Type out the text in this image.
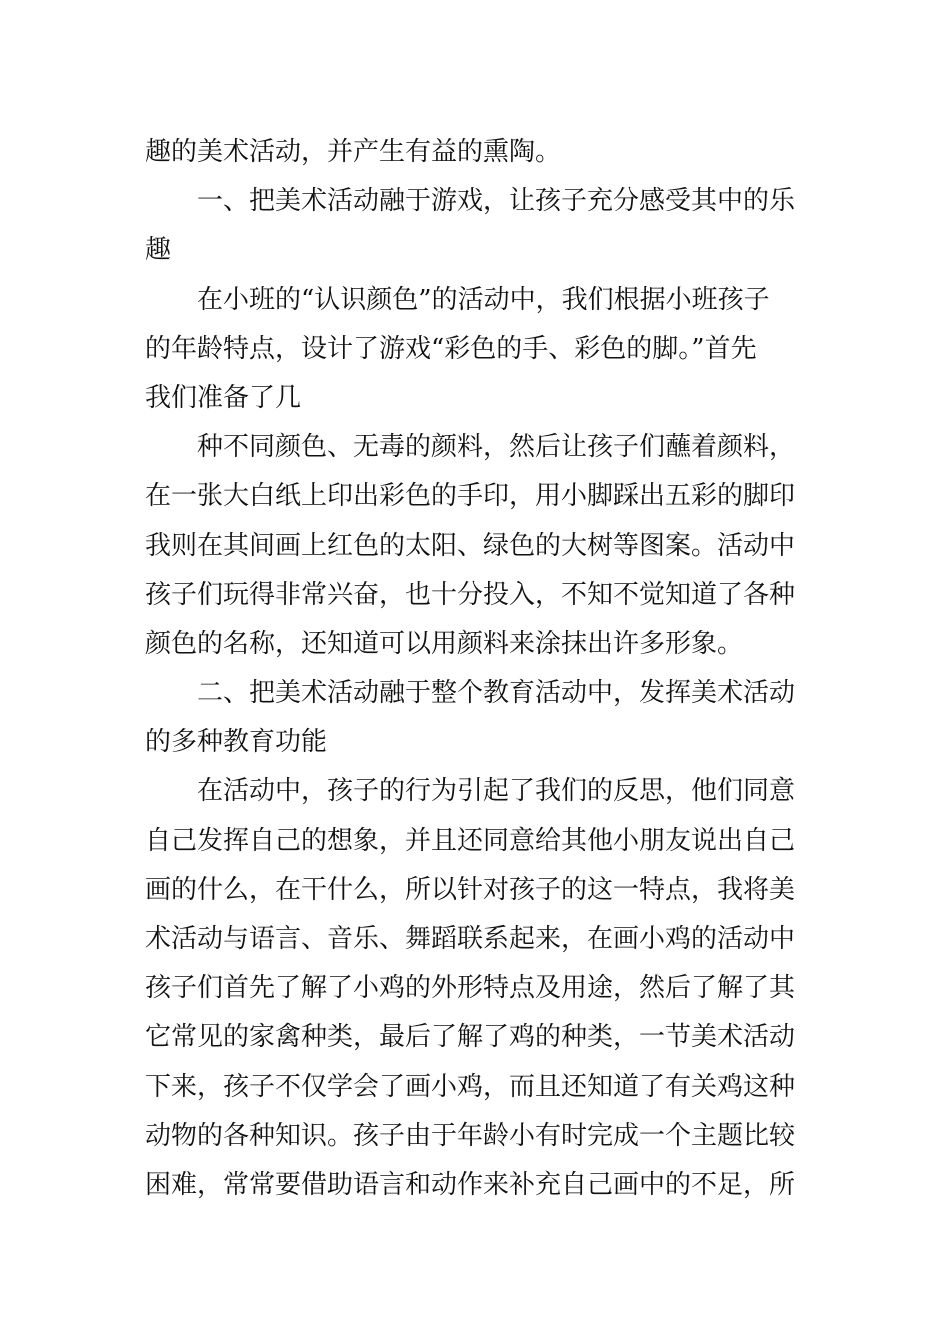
趣的美术活动，并产生有益的熏陶。
一、把美术活动融于游戏，让孩子充分感受其中的乐
趣
在小班的“认识颜色”的活动中，我们根据小班孩子
的年龄特点，设计了游戏“彩色的手、彩色的脚。”首先
我们准备了几
种不同颜色、无毒的颜料，然后让孩子们蘸着颜料，
在一张大白纸上印出彩色的手印，用小脚踩出五彩的脚印
我则在其间画上红色的太阳、绿色的大树等图案。活动中
孩子们玩得非常兴奋，也十分投入，不知不觉知道了各种
颜色的名称，还知道可以用颜料来涂抹出许多形象。
二、把美术活动融于整个教育活动中，发挥美术活动
的多种教育功能
在活动中，孩子的行为引起了我们的反思，他们同意
自己发挥自己的想象，并且还同意给其他小朋友说出自己
画的什么，在干什么，所以针对孩子的这一特点，我将美
术活动与语言、音乐、舞蹈联系起来，在画小鸡的活动中
孩子们首先了解了小鸡的外形特点及用途，然后了解了其
它常见的家禽种类，最后了解了鸡的种类，一节美术活动
下来，孩子不仅学会了画小鸡，而且还知道了有关鸡这种
动物的各种知识。孩子由于年龄小有时完成一个主题比较
困难，常常要借助语言和动作来补充自己画中的不足，所
